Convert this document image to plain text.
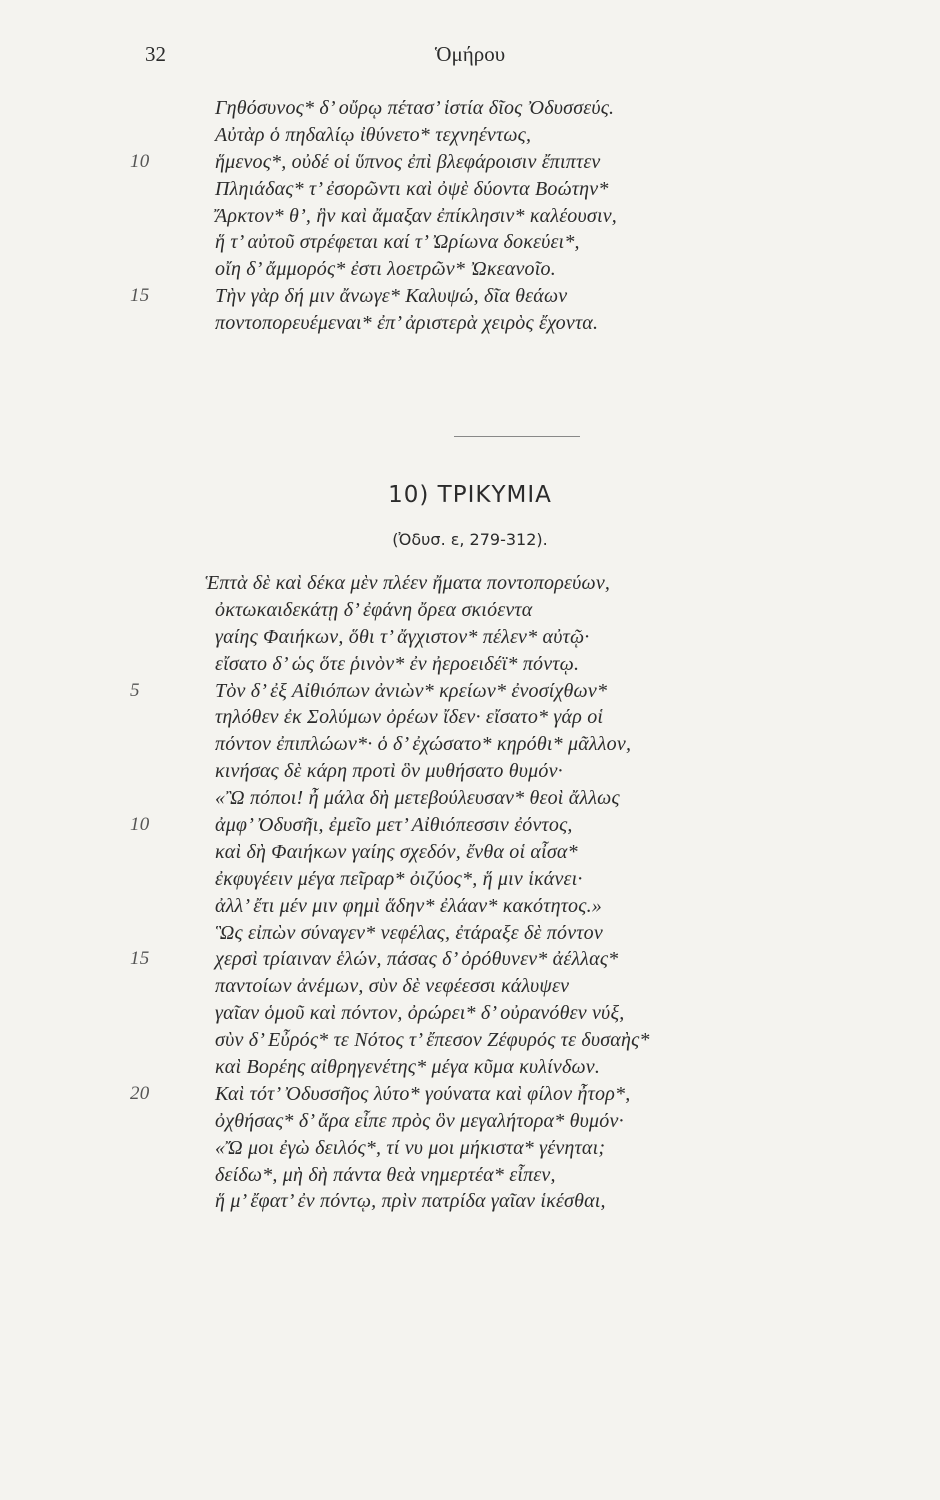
32	Ὁμήρου
Γηθόσυνος* δ’ οὔρῳ πέτασ’ ἱστία δῖος Ὀδυσσεύς.
Αὐτὰρ ὁ πηδαλίῳ ἰθύνετο* τεχνηέντως,
10	ἥμενος*, οὐδέ οἱ ὕπνος ἐπὶ βλεφάροισιν ἔπιπτεν
Πληιάδας* τ’ ἐσορῶντι καὶ ὀψὲ δύοντα Βοώτην*
Ἄρκτον* θ’, ἣν καὶ ἄμαξαν ἐπίκλησιν* καλέουσιν,
ἥ τ’ αὐτοῦ στρέφεται καί τ’ Ὠρίωνα δοκεύει*,
οἴη δ’ ἄμμορός* ἐστι λοετρῶν* Ὠκεανοῖο.
15	Τὴν γὰρ δή μιν ἄνωγε* Καλυψώ, δῖα θεάων
ποντοπορευέμεναι* ἐπ’ ἀριστερὰ χειρὸς ἔχοντα.
10) ΤΡΙΚΥΜΙΑ
(Ὀδυσ. ε, 279-312).
Ἑπτὰ δὲ καὶ δέκα μὲν πλέεν ἤματα ποντοπορεύων,
ὀκτωκαιδεκάτῃ δ’ ἐφάνη ὄρεα σκιόεντα
γαίης Φαιήκων, ὅθι τ’ ἄγχιστον* πέλεν* αὐτῷ·
εἴσατο δ’ ὡς ὅτε ῥινὸν* ἐν ἠεροειδέϊ* πόντῳ.
5	Τὸν δ’ ἐξ Αἰθιόπων ἀνιὼν* κρείων* ἐνοσίχθων*
τηλόθεν ἐκ Σολύμων ὀρέων ἴδεν· εἴσατο* γάρ οἱ
πόντον ἐπιπλώων*· ὁ δ’ ἐχώσατο* κηρόθι* μᾶλλον,
κινήσας δὲ κάρη προτὶ ὃν μυθήσατο θυμόν·
«Ὢ πόποι! ἦ μάλα δὴ μετεβούλευσαν* θεοὶ ἄλλως
10	ἀμφ’ Ὀδυσῆι, ἐμεῖο μετ’ Αἰθιόπεσσιν ἐόντος,
καὶ δὴ Φαιήκων γαίης σχεδόν, ἔνθα οἱ αἶσα*
ἐκφυγέειν μέγα πεῖραρ* ὀιζύος*, ἥ μιν ἱκάνει·
ἀλλ’ ἔτι μέν μιν φημὶ ἅδην* ἐλάαν* κακότητος.»
Ὣς εἰπὼν σύναγεν* νεφέλας, ἐτάραξε δὲ πόντον
15	χερσὶ τρίαιναν ἑλών, πάσας δ’ ὀρόθυνεν* ἀέλλας*
παντοίων ἀνέμων, σὺν δὲ νεφέεσσι κάλυψεν
γαῖαν ὁμοῦ καὶ πόντον, ὀρώρει* δ’ οὐρανόθεν νύξ,
σὺν δ’ Εὖρός* τε Νότος τ’ ἔπεσον Ζέφυρός τε δυσαὴς*
καὶ Βορέης αἰθρηγενέτης* μέγα κῦμα κυλίνδων.
20	Καὶ τότ’ Ὀδυσσῆος λύτο* γούνατα καὶ φίλον ἦτορ*,
ὀχθήσας* δ’ ἄρα εἶπε πρὸς ὃν μεγαλήτορα* θυμόν·
«Ὤ μοι ἐγὼ δειλός*, τί νυ μοι μήκιστα* γένηται;
δείδω*, μὴ δὴ πάντα θεὰ νημερτέα* εἶπεν,
ἥ μ’ ἔφατ’ ἐν πόντῳ, πρὶν πατρίδα γαῖαν ἱκέσθαι,
